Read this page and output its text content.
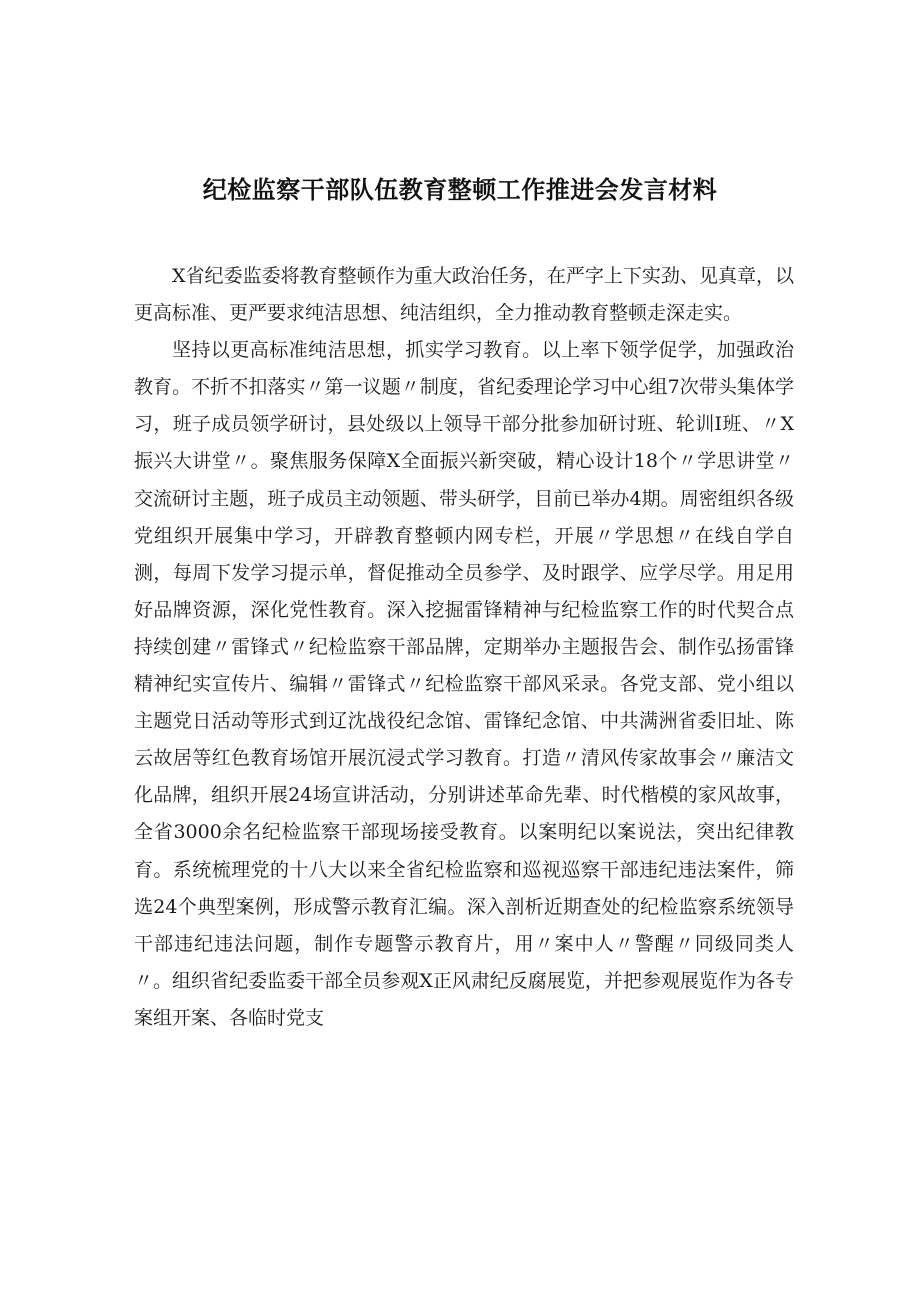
纪检监察干部队伍教育整顿工作推进会发言材料

X省纪委监委将教育整顿作为重大政治任务，在严字上下实劲、见真章，以更高标准、更严要求纯洁思想、纯洁组织，全力推动教育整顿走深走实。

坚持以更高标准纯洁思想，抓实学习教育。以上率下领学促学，加强政治教育。不折不扣落实〃第一议题〃制度，省纪委理论学习中心组7次带头集体学习，班子成员领学研讨，县处级以上领导干部分批参加研讨班、轮训I班、〃X振兴大讲堂〃。聚焦服务保障X全面振兴新突破，精心设计18个〃学思讲堂〃交流研讨主题，班子成员主动领题、带头研学，目前已举办4期。周密组织各级党组织开展集中学习，开辟教育整顿内网专栏，开展〃学思想〃在线自学自测，每周下发学习提示单，督促推动全员参学、及时跟学、应学尽学。用足用好品牌资源，深化党性教育。深入挖掘雷锋精神与纪检监察工作的时代契合点持续创建〃雷锋式〃纪检监察干部品牌，定期举办主题报告会、制作弘扬雷锋精神纪实宣传片、编辑〃雷锋式〃纪检监察干部风采录。各党支部、党小组以主题党日活动等形式到辽沈战役纪念馆、雷锋纪念馆、中共满洲省委旧址、陈云故居等红色教育场馆开展沉浸式学习教育。打造〃清风传家故事会〃廉洁文化品牌，组织开展24场宣讲活动，分别讲述革命先辈、时代楷模的家风故事，全省3000余名纪检监察干部现场接受教育。以案明纪以案说法，突出纪律教育。系统梳理党的十八大以来全省纪检监察和巡视巡察干部违纪违法案件，筛选24个典型案例，形成警示教育汇编。深入剖析近期查处的纪检监察系统领导干部违纪违法问题，制作专题警示教育片，用〃案中人〃警醒〃同级同类人〃。组织省纪委监委干部全员参观X正风肃纪反腐展览，并把参观展览作为各专案组开案、各临时党支
